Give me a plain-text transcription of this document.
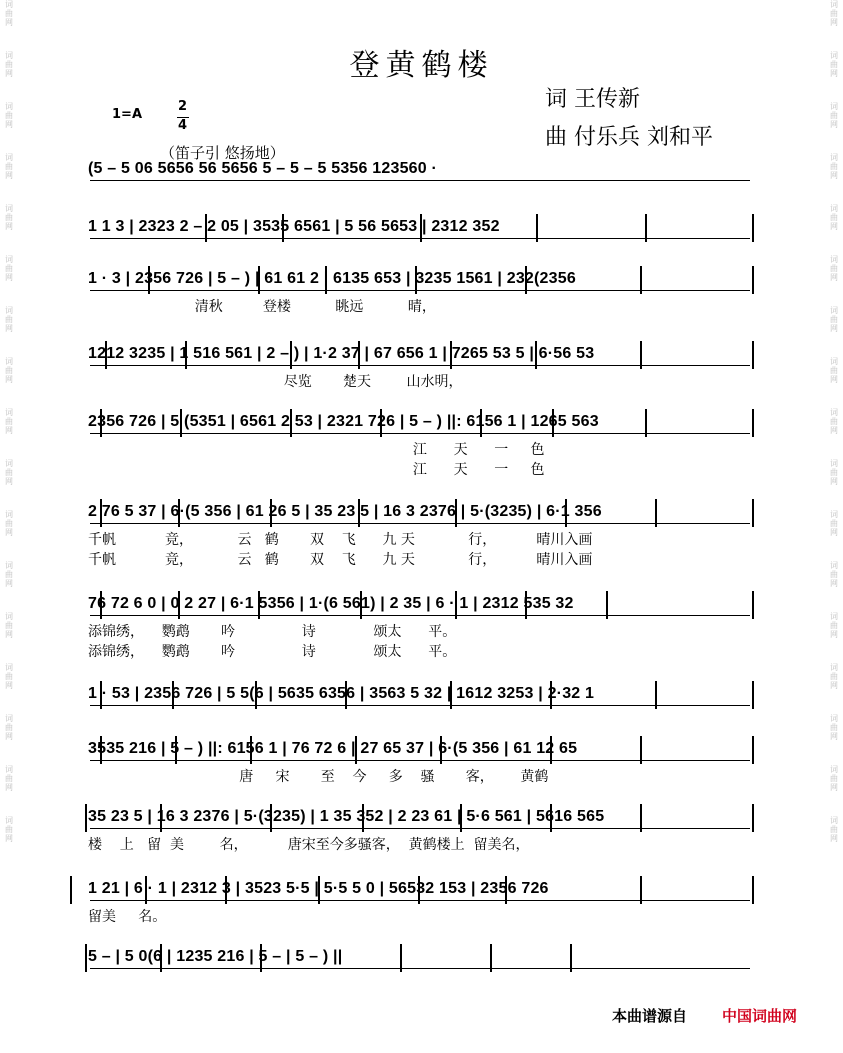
词曲网
词曲网
词曲网
词曲网
词曲网
词曲网
词曲网
词曲网
词曲网
词曲网
词曲网
词曲网
词曲网
词曲网
词曲网
词曲网
词曲网
词曲网
词曲网
词曲网
词曲网
词曲网
词曲网
词曲网
词曲网
词曲网
词曲网
词曲网
词曲网
词曲网
词曲网
词曲网
词曲网
词曲网
登黄鹤楼
词 王传新
曲 付乐兵 刘和平
1=A
2
4
（笛子引 悠扬地）
(5 – 5 06 5656 56 5656 5 – 5 – 5 5356 123560 ·
1 1 3 | 2323 2 – 2 05 | 3535 6561 | 5 56 5653 | 2312 352
1 · 3 | 2356 726 | 5 – ) | 61 61 2 | 6135 653 | 3235 1561 | 232(2356
清秋         登楼          眺远          晴，
1212 3235 | 1 516 561 | 2 – ) | 1·2 37 | 67 656 1 | 7265 53 5 | 6·56 53
尽览       楚天        山水明，
2356 726 | 5 (5351 | 6561 2 53 | 2321 726 | 5 – ) ||: 6156 1 | 1265 563
江      天      一     色
江      天      一     色
2 76 5 37 | 6·(5 356 | 61 26 5 | 35 23 5 | 16 3 2376 | 5·(3235) | 6·1 356
千帆           竞，          云   鹤       双    飞      九 天            行，         晴川入画
千帆           竞，          云   鹤       双    飞      九 天            行，         晴川入画
76 72 6 0 | 0 2 27 | 6·1 5356 | 1·(6 561) | 2 35 | 6 · 1 | 2312 535 32
添锦绣，    鹦鹉       吟               诗             颂太      平。
添锦绣，    鹦鹉       吟               诗             颂太      平。
1 · 53 | 2356 726 | 5 5(6 | 5635 6356 | 3563 5 32 | 1612 3253 | 2·32 1
3535 216 | 5 – ) ||: 6156 1 | 76 72 6 | 27 65 37 | 6·(5 356 | 61 12 65
唐     宋       至    今     多    骚       客，      黄鹤
35 23 5 | 16 3 2376 | 5·(3235) | 1 35 352 | 2 23 61 | 5·6 561 | 5616 565
楼    上   留  美        名，         唐宋至今多骚客，  黄鹤楼上  留美名，
1 21 | 6 · 1 | 2312 3 | 3523 5·5 | 5·5 5 0 | 56532 153 | 2356 726
留美     名。
5 – | 5 0(6 | 1235 216 | 5 – | 5 – ) ||
本曲谱源自 中国词曲网
